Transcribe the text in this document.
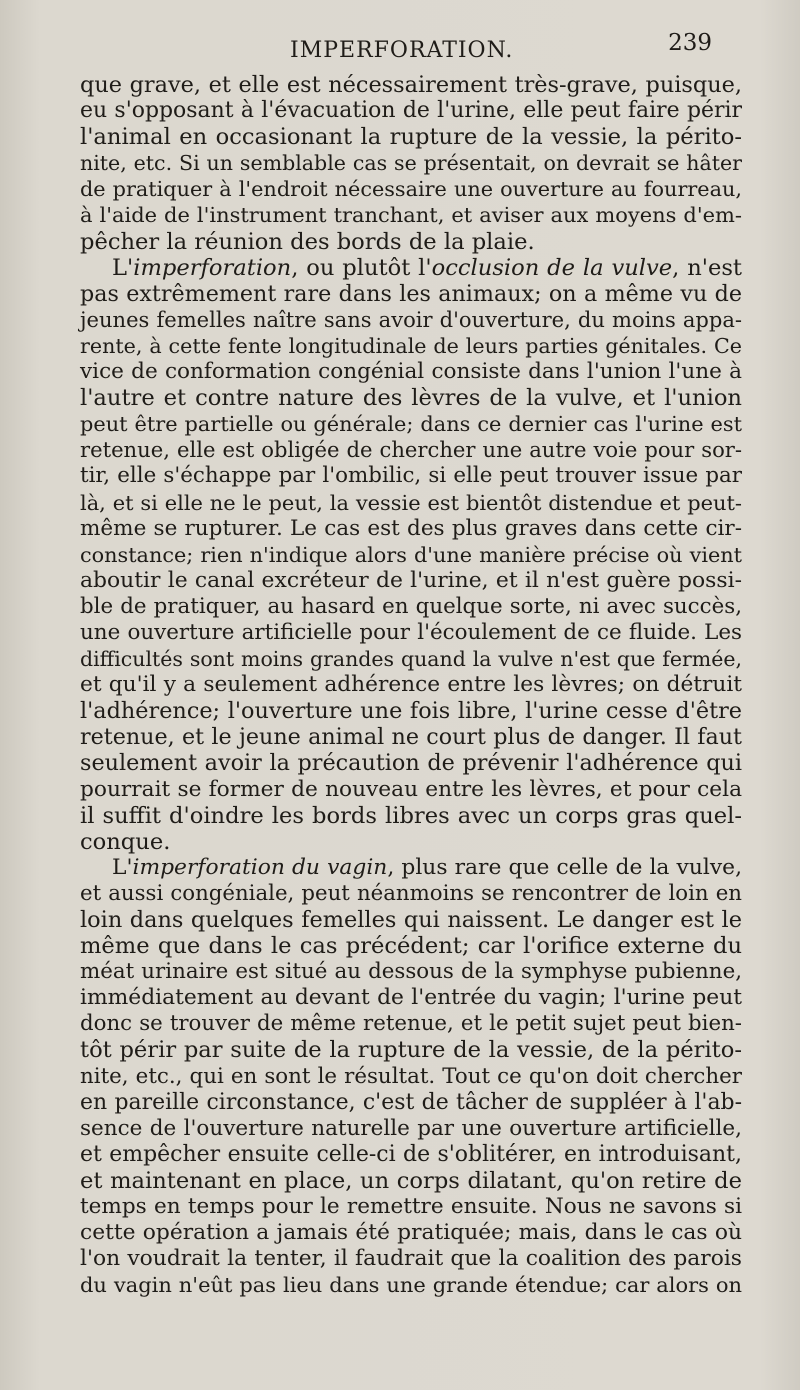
IMPERFORATION.	239

que grave, et elle est nécessairement très-grave, puisque,
eu s'opposant à l'évacuation de l'urine, elle peut faire périr
l'animal en occasionant la rupture de la vessie, la périto-
nite, etc. Si un semblable cas se présentait, on devrait se hâter
de pratiquer à l'endroit nécessaire une ouverture au fourreau,
à l'aide de l'instrument tranchant, et aviser aux moyens d'em-
pêcher la réunion des bords de la plaie.

L'imperforation, ou plutôt l'occlusion de la vulve, n'est
pas extrêmement rare dans les animaux; on a même vu de
jeunes femelles naître sans avoir d'ouverture, du moins appa-
rente, à cette fente longitudinale de leurs parties génitales. Ce
vice de conformation congénial consiste dans l'union l'une à
l'autre et contre nature des lèvres de la vulve, et l'union
peut être partielle ou générale; dans ce dernier cas l'urine est
retenue, elle est obligée de chercher une autre voie pour sor-
tir, elle s'échappe par l'ombilic, si elle peut trouver issue par
là, et si elle ne le peut, la vessie est bientôt distendue et peut-
même se rupturer. Le cas est des plus graves dans cette cir-
constance; rien n'indique alors d'une manière précise où vient
aboutir le canal excréteur de l'urine, et il n'est guère possi-
ble de pratiquer, au hasard en quelque sorte, ni avec succès,
une ouverture artificielle pour l'écoulement de ce fluide. Les
difficultés sont moins grandes quand la vulve n'est que fermée,
et qu'il y a seulement adhérence entre les lèvres; on détruit
l'adhérence; l'ouverture une fois libre, l'urine cesse d'être
retenue, et le jeune animal ne court plus de danger. Il faut
seulement avoir la précaution de prévenir l'adhérence qui
pourrait se former de nouveau entre les lèvres, et pour cela
il suffit d'oindre les bords libres avec un corps gras quel-
conque.

L'imperforation du vagin, plus rare que celle de la vulve,
et aussi congéniale, peut néanmoins se rencontrer de loin en
loin dans quelques femelles qui naissent. Le danger est le
même que dans le cas précédent; car l'orifice externe du
méat urinaire est situé au dessous de la symphyse pubienne,
immédiatement au devant de l'entrée du vagin; l'urine peut
donc se trouver de même retenue, et le petit sujet peut bien-
tôt périr par suite de la rupture de la vessie, de la périto-
nite, etc., qui en sont le résultat. Tout ce qu'on doit chercher
en pareille circonstance, c'est de tâcher de suppléer à l'ab-
sence de l'ouverture naturelle par une ouverture artificielle,
et empêcher ensuite celle-ci de s'oblitérer, en introduisant,
et maintenant en place, un corps dilatant, qu'on retire de
temps en temps pour le remettre ensuite. Nous ne savons si
cette opération a jamais été pratiquée; mais, dans le cas où
l'on voudrait la tenter, il faudrait que la coalition des parois
du vagin n'eût pas lieu dans une grande étendue; car alors on
